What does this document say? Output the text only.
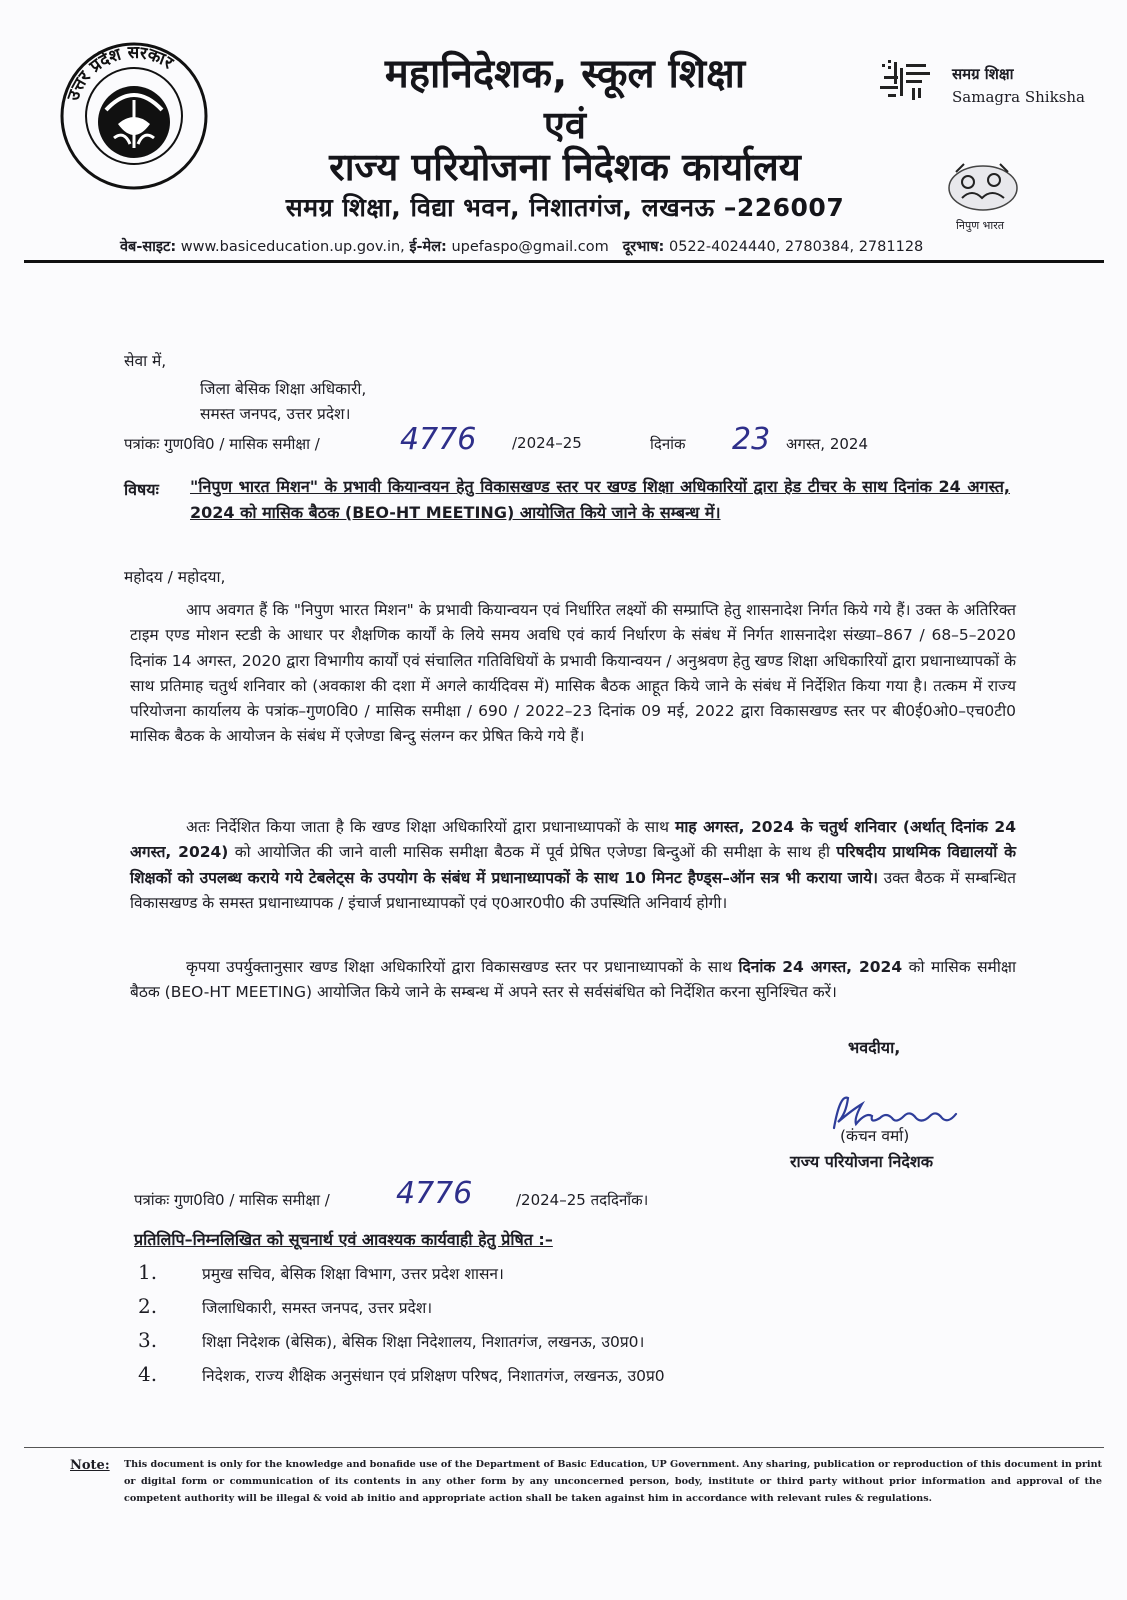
उत्तर प्रदेश सरकार	महानिदेशक, स्कूल शिक्षा
एवं
राज्य परियोजना निदेशक कार्यालय
समग्र शिक्षा, विद्या भवन, निशातगंज, लखनऊ –226007
समग्र शिक्षा
Samagra Shiksha
निपुण भारत
वेब-साइट: www.basiceducation.up.gov.in, ई-मेल: upefaspo@gmail.com दूरभाष: 0522-4024440, 2780384, 2781128
सेवा में,
जिला बेसिक शिक्षा अधिकारी,
समस्त जनपद, उत्तर प्रदेश।
पत्रांकः गुण0वि0 / मासिक समीक्षा /	4776 /2024–25	दिनांक 23 अगस्त, 2024
विषयः "निपुण भारत मिशन" के प्रभावी कियान्वयन हेतु विकासखण्ड स्तर पर खण्ड शिक्षा अधिकारियों द्वारा हेड टीचर के साथ दिनांक 24 अगस्त, 2024 को मासिक बैठक (BEO-HT MEETING) आयोजित किये जाने के सम्बन्ध में।
महोदय / महोदया,
आप अवगत हैं कि "निपुण भारत मिशन" के प्रभावी कियान्वयन एवं निर्धारित लक्ष्यों की सम्प्राप्ति हेतु शासनादेश निर्गत किये गये हैं। उक्त के अतिरिक्त टाइम एण्ड मोशन स्टडी के आधार पर शैक्षणिक कार्यों के लिये समय अवधि एवं कार्य निर्धारण के संबंध में निर्गत शासनादेश संख्या–867 / 68–5–2020 दिनांक 14 अगस्त, 2020 द्वारा विभागीय कार्यों एवं संचालित गतिविधियों के प्रभावी कियान्वयन / अनुश्रवण हेतु खण्ड शिक्षा अधिकारियों द्वारा प्रधानाध्यापकों के साथ प्रतिमाह चतुर्थ शनिवार को (अवकाश की दशा में अगले कार्यदिवस में) मासिक बैठक आहूत किये जाने के संबंध में निर्देशित किया गया है। तत्कम में राज्य परियोजना कार्यालय के पत्रांक–गुण0वि0 / मासिक समीक्षा / 690 / 2022–23 दिनांक 09 मई, 2022 द्वारा विकासखण्ड स्तर पर बी0ई0ओ0–एच0टी0 मासिक बैठक के आयोजन के संबंध में एजेण्डा बिन्दु संलग्न कर प्रेषित किये गये हैं।
अतः निर्देशित किया जाता है कि खण्ड शिक्षा अधिकारियों द्वारा प्रधानाध्यापकों के साथ माह अगस्त, 2024 के चतुर्थ शनिवार (अर्थात् दिनांक 24 अगस्त, 2024) को आयोजित की जाने वाली मासिक समीक्षा बैठक में पूर्व प्रेषित एजेण्डा बिन्दुओं की समीक्षा के साथ ही परिषदीय प्राथमिक विद्यालयों के शिक्षकों को उपलब्ध कराये गये टेबलेट्स के उपयोग के संबंध में प्रधानाध्यापकों के साथ 10 मिनट हैण्ड्स–ऑन सत्र भी कराया जाये। उक्त बैठक में सम्बन्धित विकासखण्ड के समस्त प्रधानाध्यापक / इंचार्ज प्रधानाध्यापकों एवं ए0आर0पी0 की उपस्थिति अनिवार्य होगी।
कृपया उपर्युक्तानुसार खण्ड शिक्षा अधिकारियों द्वारा विकासखण्ड स्तर पर प्रधानाध्यापकों के साथ दिनांक 24 अगस्त, 2024 को मासिक समीक्षा बैठक (BEO-HT MEETING) आयोजित किये जाने के सम्बन्ध में अपने स्तर से सर्वसंबंधित को निर्देशित करना सुनिश्चित करें।
भवदीया,
(कंचन वर्मा)
राज्य परियोजना निदेशक
पत्रांकः गुण0वि0 / मासिक समीक्षा / 4776	/2024–25 तददिनाँक।
प्रतिलिपि–निम्नलिखित को सूचनार्थ एवं आवश्यक कार्यवाही हेतु प्रेषित :–
1.	प्रमुख सचिव, बेसिक शिक्षा विभाग, उत्तर प्रदेश शासन।
2.	जिलाधिकारी, समस्त जनपद, उत्तर प्रदेश।
3.	शिक्षा निदेशक (बेसिक), बेसिक शिक्षा निदेशालय, निशातगंज, लखनऊ, उ0प्र0।
4.	निदेशक, राज्य शैक्षिक अनुसंधान एवं प्रशिक्षण परिषद, निशातगंज, लखनऊ, उ0प्र0
Note: This document is only for the knowledge and bonafide use of the Department of Basic Education, UP Government. Any sharing, publication or reproduction of this document in print or digital form or communication of its contents in any other form by any unconcerned person, body, institute or third party without prior information and approval of the competent authority will be illegal & void ab initio and appropriate action shall be taken against him in accordance with relevant rules & regulations.
